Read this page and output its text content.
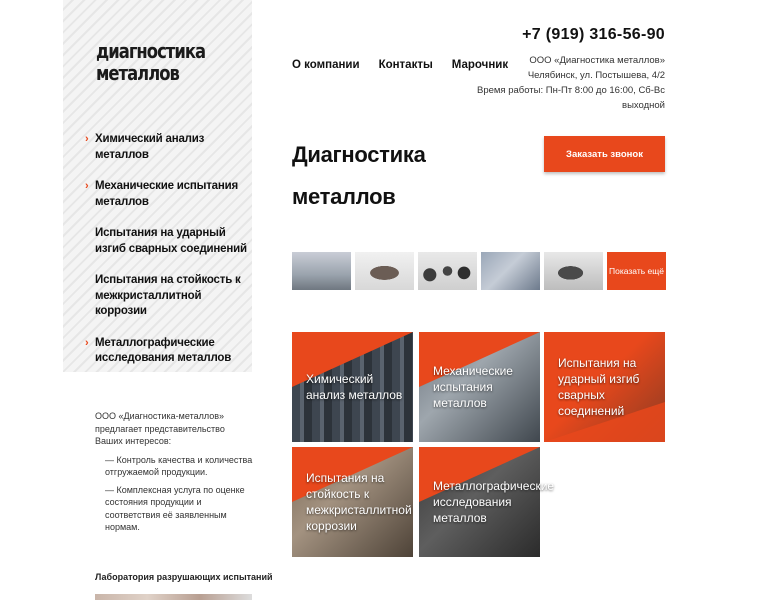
диагностика
металлов
› Химический анализ металлов
› Механические испытания металлов
Испытания на ударный изгиб сварных соединений
Испытания на стойкость к межкристаллитной коррозии
› Металлографические исследования металлов

ООО «Диагностика-металлов» предлагает представительство Ваших интересов:

— Контроль качества и количества отгружаемой продукции.

— Комплексная услуга по оценке состояния продукции и соответствия её заявленным нормам.

Лаборатория разрушающих испытаний
О компании Контакты Марочник
+7 (919) 316-56-90
ООО «Диагностика металлов»
Челябинск, ул. Постышева, 4/2
Время работы: Пн-Пт 8:00 до 16:00, Сб-Вс выходной
Диагностика
металлов
Заказать звонок
Показать ещё
Химический анализ металлов
Механические испытания металлов
Испытания на ударный изгиб сварных соединений
Испытания на стойкость к межкристаллитной коррозии
Металлографические исследования металлов
